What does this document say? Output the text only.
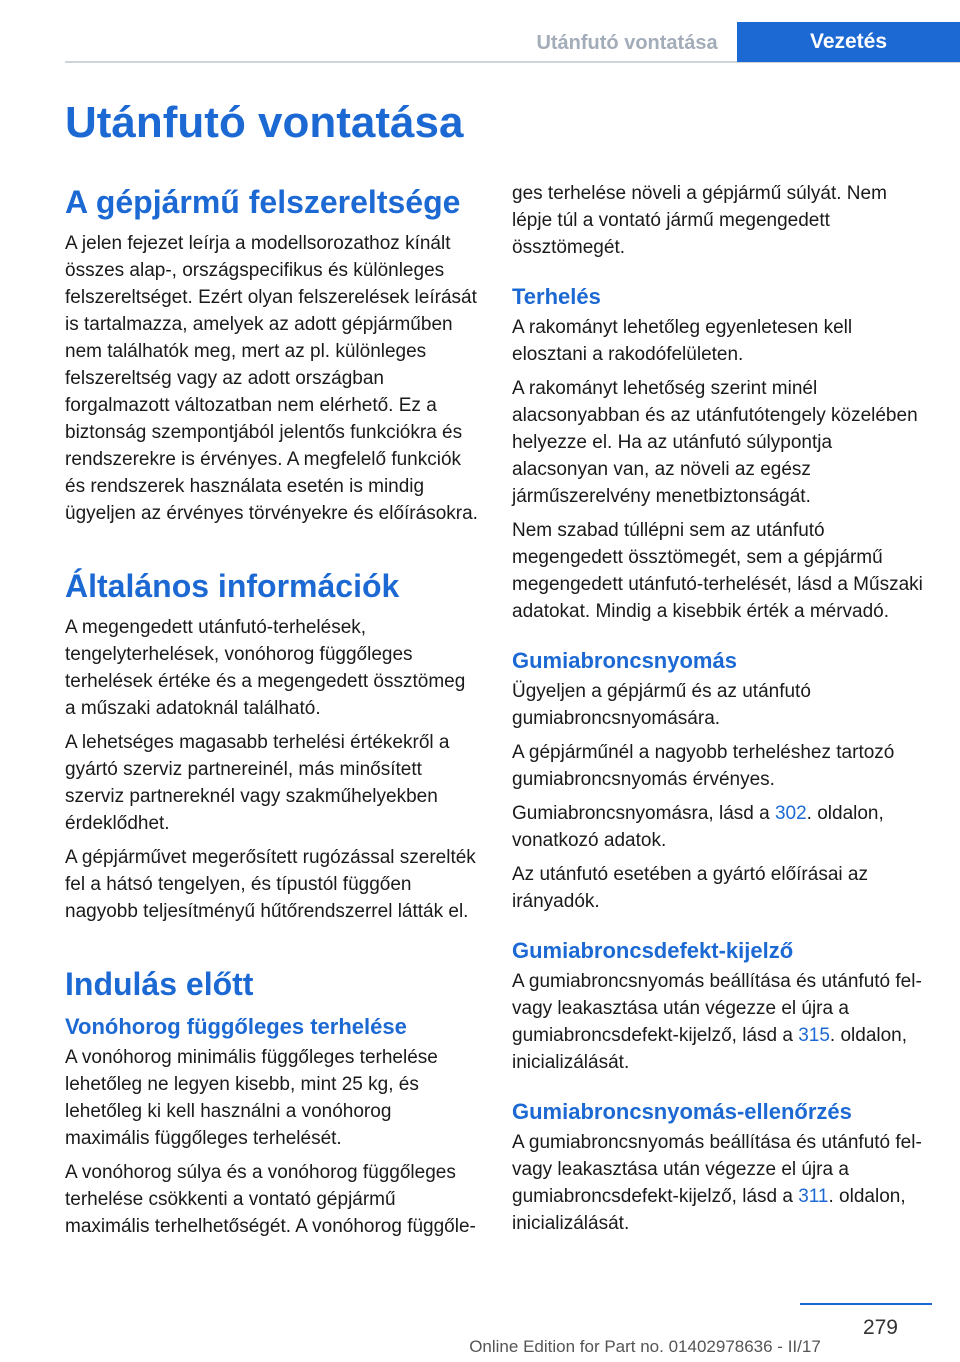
Utánfutó vontatása	Vezetés
Utánfutó vontatása
A gépjármű felszereltsége

A jelen fejezet leírja a modellsorozathoz kínált összes alap-, országspecifikus és különleges felszereltséget. Ezért olyan felszerelések leírását is tartalmazza, amelyek az adott gépjárműben nem találhatók meg, mert az pl. különleges felszereltség vagy az adott országban forgalmazott változatban nem elérhető. Ez a biztonság szempontjából jelentős funkciókra és rendszerekre is érvényes. A megfelelő funkciók és rendszerek használata esetén is mindig ügyeljen az érvényes törvényekre és előírásokra.

Általános információk

A megengedett utánfutó-terhelések, tengelyterhelések, vonóhorog függőleges terhelések értéke és a megengedett össztömeg a műszaki adatoknál található.

A lehetséges magasabb terhelési értékekről a gyártó szerviz partnereinél, más minősített szerviz partnereknél vagy szakműhelyekben érdeklődhet.

A gépjárművet megerősített rugózással szerelték fel a hátsó tengelyen, és típustól függően nagyobb teljesítményű hűtőrendszerrel látták el.

Indulás előtt
Vonóhorog függőleges terhelése

A vonóhorog minimális függőleges terhelése lehetőleg ne legyen kisebb, mint 25 kg, és lehetőleg ki kell használni a vonóhorog maximális függőleges terhelését.

A vonóhorog súlya és a vonóhorog függőleges terhelése csökkenti a vontató gépjármű maximális terhelhetőségét. A vonóhorog függőle-

ges terhelése növeli a gépjármű súlyát. Nem lépje túl a vontató jármű megengedett össztömegét.

Terhelés

A rakományt lehetőleg egyenletesen kell elosztani a rakodófelületen.

A rakományt lehetőség szerint minél alacsonyabban és az utánfutótengely közelében helyezze el. Ha az utánfutó súlypontja alacsonyan van, az növeli az egész járműszerelvény menetbiztonságát.

Nem szabad túllépni sem az utánfutó megengedett össztömegét, sem a gépjármű megengedett utánfutó-terhelését, lásd a Műszaki adatokat. Mindig a kisebbik érték a mérvadó.

Gumiabroncsnyomás

Ügyeljen a gépjármű és az utánfutó gumiabroncsnyomására.

A gépjárműnél a nagyobb terheléshez tartozó gumiabroncsnyomás érvényes.

Gumiabroncsnyomásra, lásd a 302. oldalon, vonatkozó adatok.

Az utánfutó esetében a gyártó előírásai az irányadók.

Gumiabroncsdefekt-kijelző

A gumiabroncsnyomás beállítása és utánfutó fel- vagy leakasztása után végezze el újra a gumiabroncsdefekt-kijelző, lásd a 315. oldalon, inicializálását.

Gumiabroncsnyomás-ellenőrzés

A gumiabroncsnyomás beállítása és utánfutó fel- vagy leakasztása után végezze el újra a gumiabroncsdefekt-kijelző, lásd a 311. oldalon, inicializálását.

279
Online Edition for Part no. 01402978636 - II/17
